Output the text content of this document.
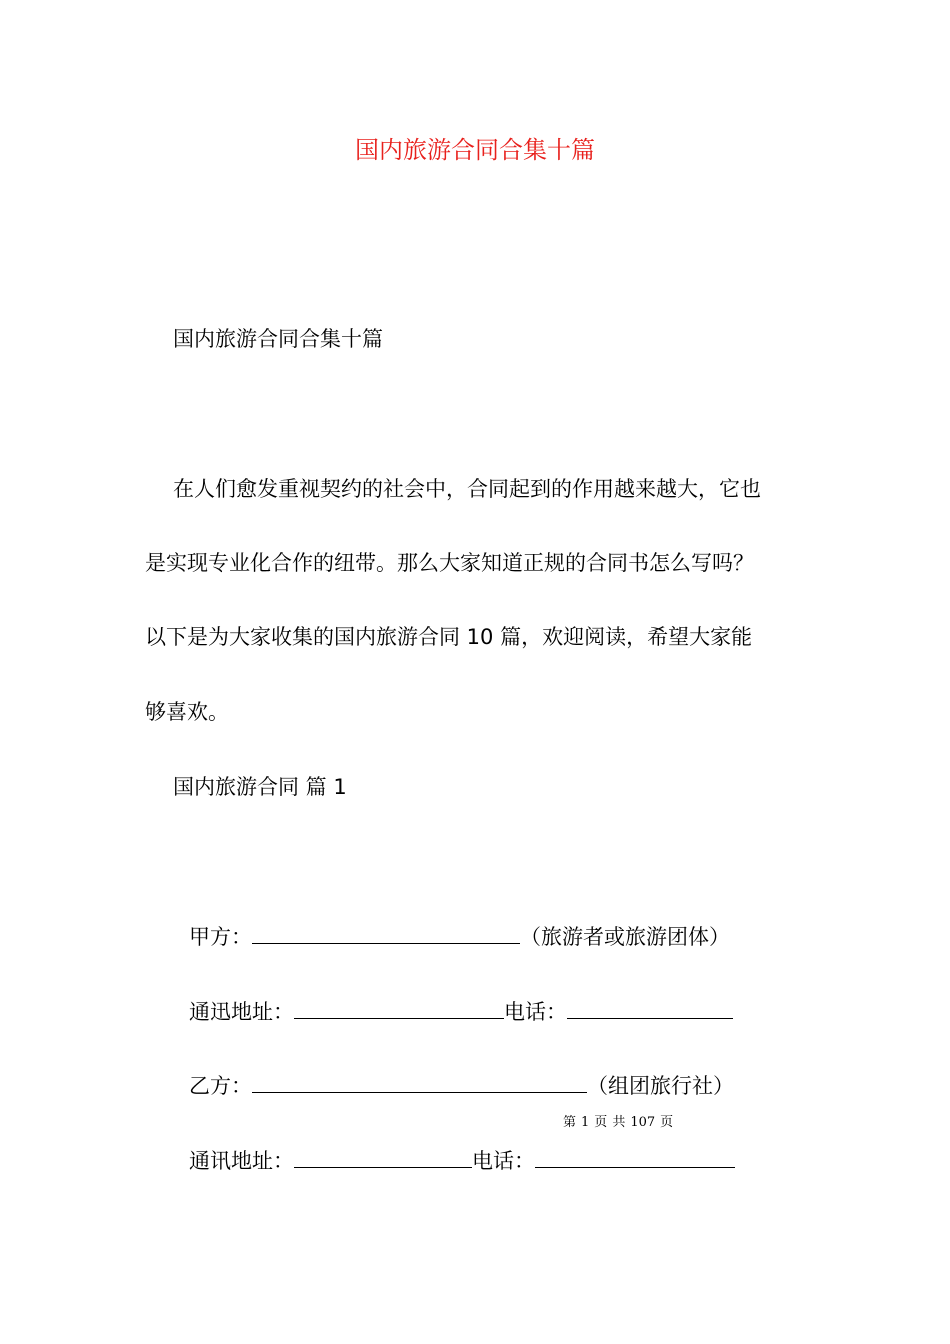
国内旅游合同合集十篇
国内旅游合同合集十篇
在人们愈发重视契约的社会中，合同起到的作用越来越大，它也
是实现专业化合作的纽带。那么大家知道正规的合同书怎么写吗？
以下是为大家收集的国内旅游合同 10 篇，欢迎阅读，希望大家能
够喜欢。
国内旅游合同 篇 1
甲方：	（旅游者或旅游团体）
通迅地址：	电话：
乙方：	（组团旅行社）
第 1 页 共 107 页
通讯地址：	电话：
